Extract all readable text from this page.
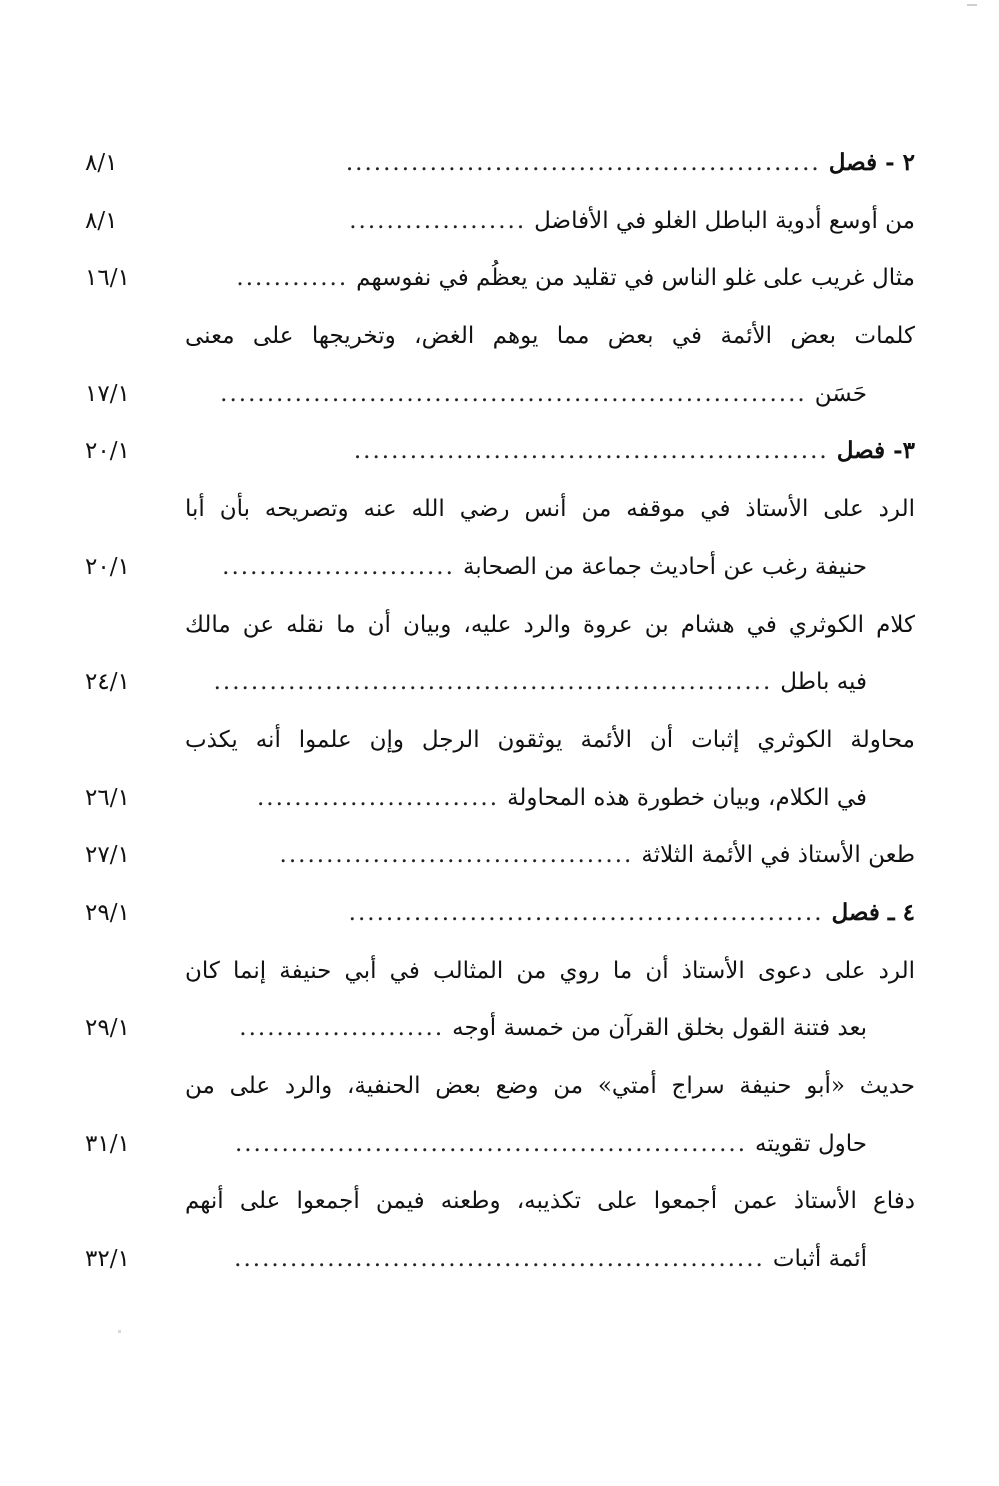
٢ - فصل
...................................................
٨/١
من أوسع أدوية الباطل الغلو في الأفاضل
...................
٨/١
مثال غريب على غلو الناس في تقليد من يعظُم في نفوسهم
............
١٦/١
كلمات بعض الأئمة في بعض مما يوهم الغض، وتخريجها على معنى
حَسَن
...............................................................
١٧/١
٣- فصل
...................................................
٢٠/١
الرد على الأستاذ في موقفه من أنس رضي الله عنه وتصريحه بأن أبا
حنيفة رغب عن أحاديث جماعة من الصحابة
.........................
٢٠/١
كلام الكوثري في هشام بن عروة والرد عليه، وبيان أن ما نقله عن مالك
فيه باطل
............................................................
٢٤/١
محاولة الكوثري إثبات أن الأئمة يوثقون الرجل وإن علموا أنه يكذب
في الكلام، وبيان خطورة هذه المحاولة
..........................
٢٦/١
طعن الأستاذ في الأئمة الثلاثة
......................................
٢٧/١
٤ ـ فصل
...................................................
٢٩/١
الرد على دعوى الأستاذ أن ما روي من المثالب في أبي حنيفة إنما كان
بعد فتنة القول بخلق القرآن من خمسة أوجه
......................
٢٩/١
حديث «أبو حنيفة سراج أمتي» من وضع بعض الحنفية، والرد على من
حاول تقويته
.......................................................
٣١/١
دفاع الأستاذ عمن أجمعوا على تكذيبه، وطعنه فيمن أجمعوا على أنهم
أئمة أثبات
.........................................................
٣٢/١
